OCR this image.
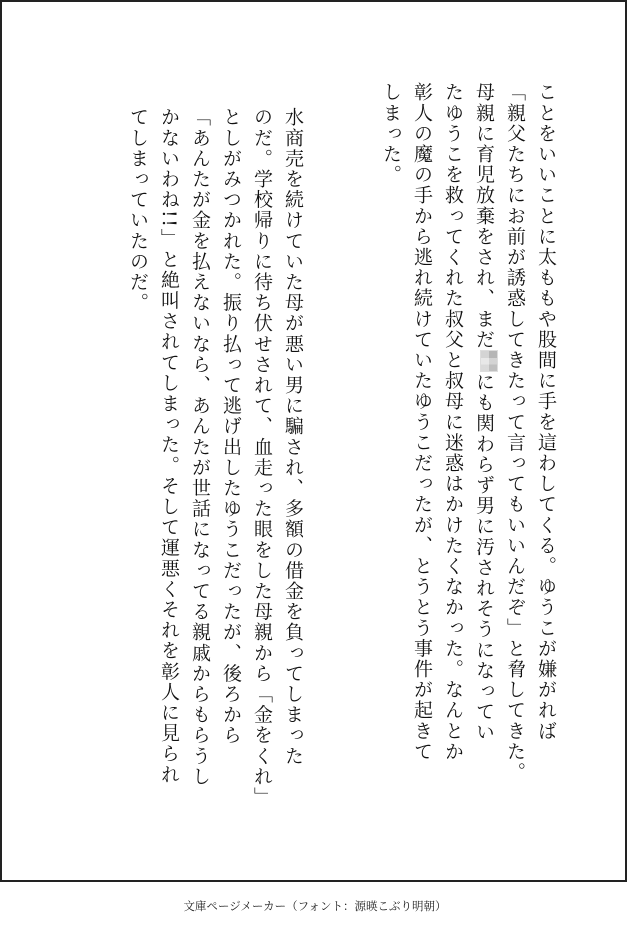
ことをいいことに太ももや股間に手を這わしてくる。ゆうこが嫌がれば
「親父たちにお前が誘惑してきたって言ってもいいんだぞ」と脅してきた。
母親に育児放棄をされ、まだにも関わらず男に汚されそうになってい
たゆうこを救ってくれた叔父と叔母に迷惑はかけたくなかった。なんとか
彰人の魔の手から逃れ続けていたゆうこだったが、とうとう事件が起きて
しまった。
水商売を続けていた母が悪い男に騙され、多額の借金を負ってしまった
のだ。学校帰りに待ち伏せされて、血走った眼をした母親から「金をくれ」
としがみつかれた。振り払って逃げ出したゆうこだったが、後ろから
「あんたが金を払えないなら、あんたが世話になってる親戚からもらうし
かないわね!!」と絶叫されてしまった。そして運悪くそれを彰人に見られ
てしまっていたのだ。
文庫ページメーカー（フォント：源暎こぶり明朝）
